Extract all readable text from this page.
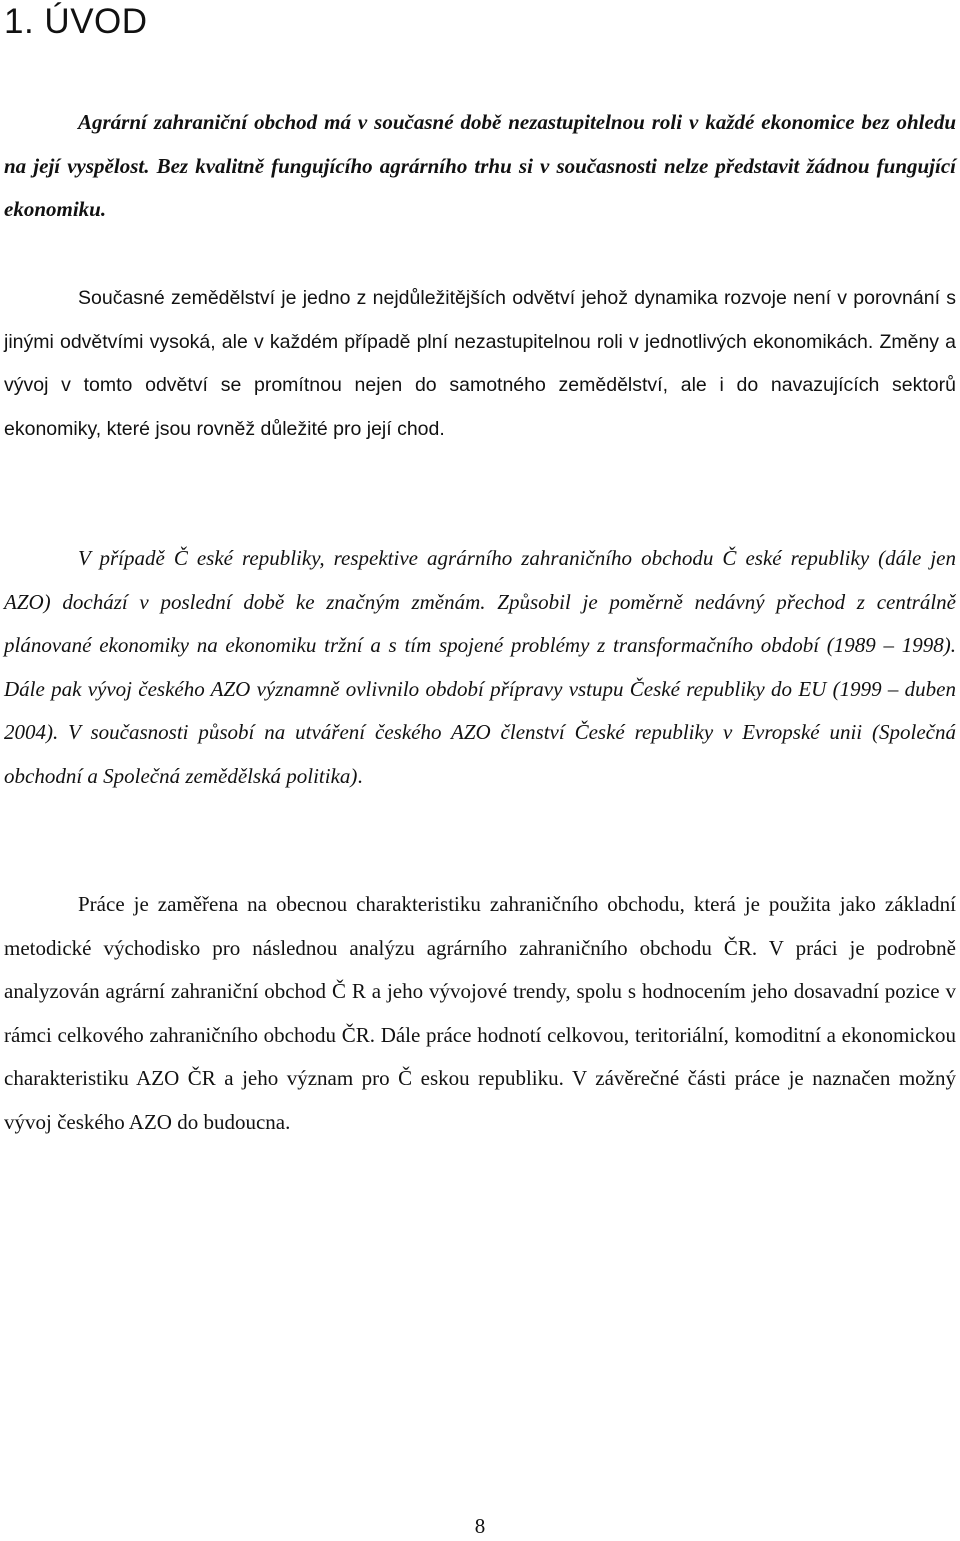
1. ÚVOD

Agrární zahraniční obchod má v současné době nezastupitelnou roli v každé ekonomice bez ohledu na její vyspělost. Bez kvalitně fungujícího agrárního trhu si v současnosti nelze představit žádnou fungující ekonomiku.

Současné zemědělství je jedno z nejdůležitějších odvětví jehož dynamika rozvoje není v porovnání s jinými odvětvími vysoká, ale v každém případě plní nezastupitelnou roli v jednotlivých ekonomikách. Změny a vývoj v tomto odvětví se promítnou nejen do samotného zemědělství, ale i do navazujících sektorů ekonomiky, které jsou rovněž důležité pro její chod.

V případě Č eské republiky, respektive agrárního zahraničního obchodu Č eské republiky (dále jen AZO) dochází v poslední době ke značným změnám. Způsobil je poměrně nedávný přechod z centrálně plánované ekonomiky na ekonomiku tržní a s tím spojené problémy z transformačního období (1989 – 1998). Dále pak vývoj českého AZO významně ovlivnilo období přípravy vstupu České republiky do EU (1999 – duben 2004). V současnosti působí na utváření českého AZO členství České republiky v Evropské unii (Společná obchodní a Společná zemědělská politika).

Práce je zaměřena na obecnou charakteristiku zahraničního obchodu, která je použita jako základní metodické východisko pro následnou analýzu agrárního zahraničního obchodu ČR. V práci je podrobně analyzován agrární zahraniční obchod Č R a jeho vývojové trendy, spolu s hodnocením jeho dosavadní pozice v rámci celkového zahraničního obchodu ČR. Dále práce hodnotí celkovou, teritoriální, komoditní a ekonomickou charakteristiku AZO ČR a jeho význam pro Č eskou republiku. V závěrečné části práce je naznačen možný vývoj českého AZO do budoucna.

8
